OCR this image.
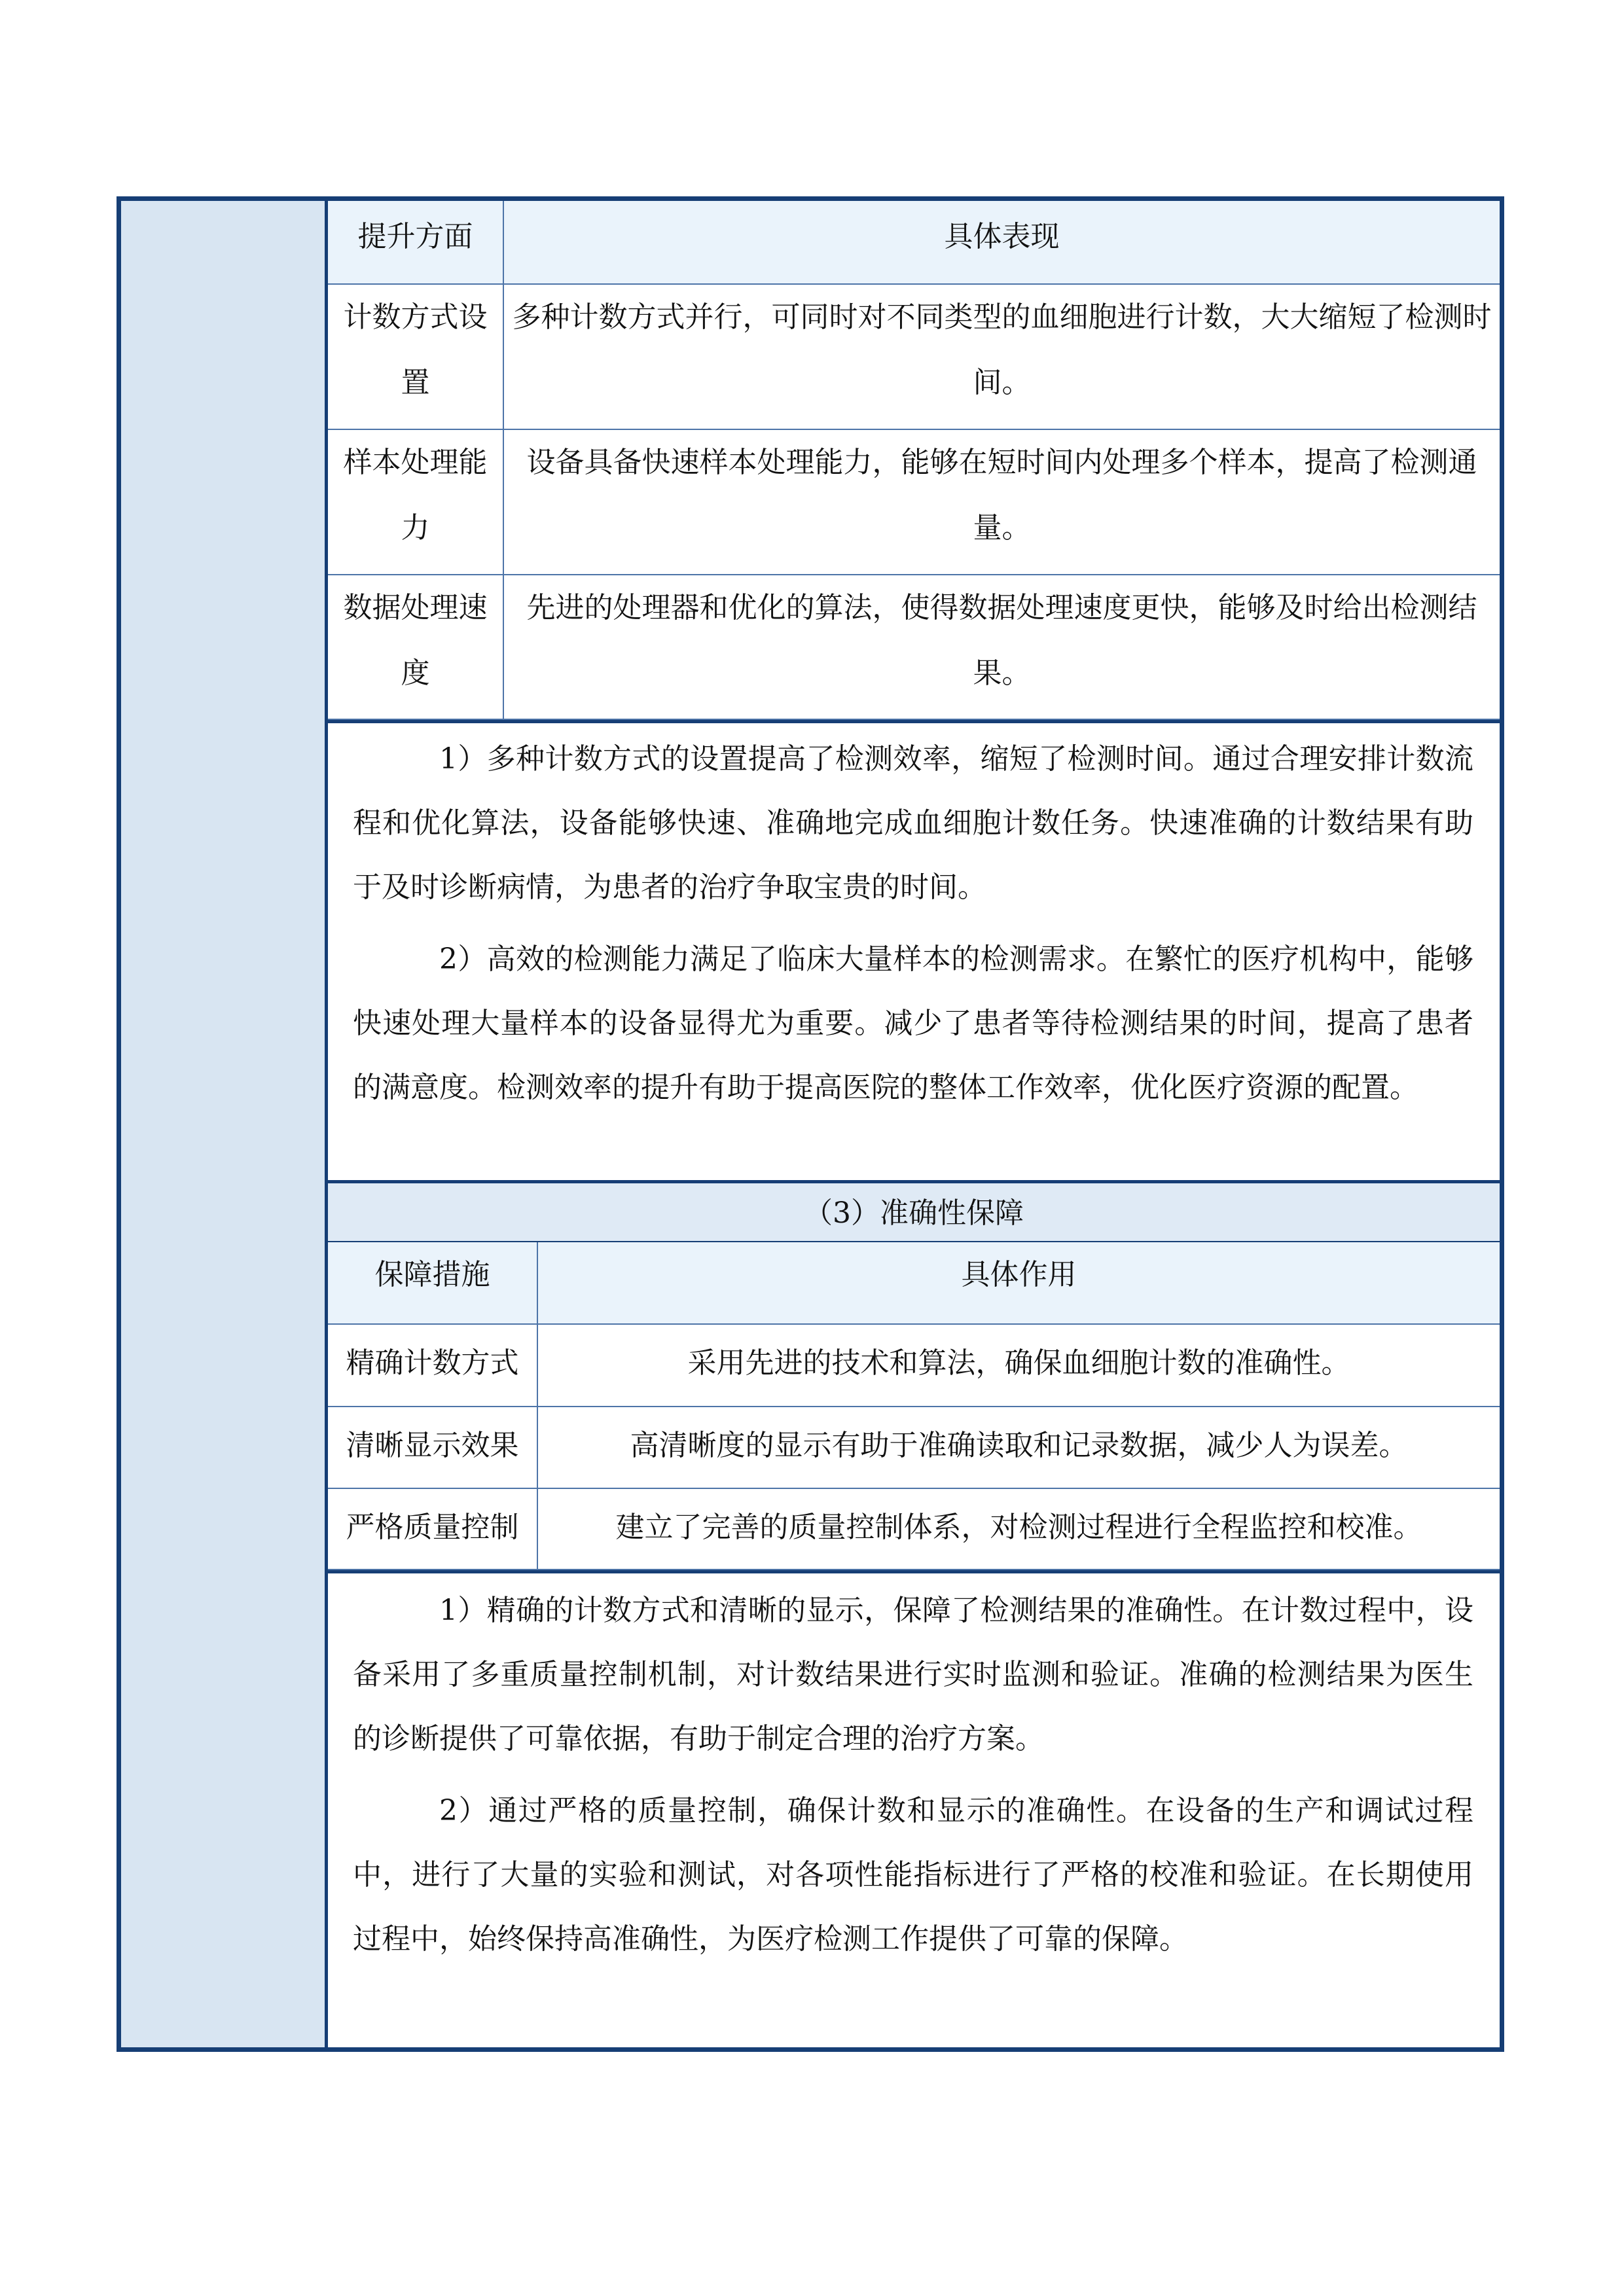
提升方面	具体表现
计数方式设置	多种计数方式并行，可同时对不同类型的血细胞进行计数，大大缩短了检测时间。
样本处理能力	设备具备快速样本处理能力，能够在短时间内处理多个样本，提高了检测通量。
数据处理速度	先进的处理器和优化的算法，使得数据处理速度更快，能够及时给出检测结果。

1）多种计数方式的设置提高了检测效率，缩短了检测时间。通过合理安排计数流程和优化算法，设备能够快速、准确地完成血细胞计数任务。快速准确的计数结果有助于及时诊断病情，为患者的治疗争取宝贵的时间。

2）高效的检测能力满足了临床大量样本的检测需求。在繁忙的医疗机构中，能够快速处理大量样本的设备显得尤为重要。减少了患者等待检测结果的时间，提高了患者的满意度。检测效率的提升有助于提高医院的整体工作效率，优化医疗资源的配置。

（3）准确性保障
保障措施	具体作用
精确计数方式	采用先进的技术和算法，确保血细胞计数的准确性。
清晰显示效果	高清晰度的显示有助于准确读取和记录数据，减少人为误差。
严格质量控制	建立了完善的质量控制体系，对检测过程进行全程监控和校准。

1）精确的计数方式和清晰的显示，保障了检测结果的准确性。在计数过程中，设备采用了多重质量控制机制，对计数结果进行实时监测和验证。准确的检测结果为医生的诊断提供了可靠依据，有助于制定合理的治疗方案。

2）通过严格的质量控制，确保计数和显示的准确性。在设备的生产和调试过程中，进行了大量的实验和测试，对各项性能指标进行了严格的校准和验证。在长期使用过程中，始终保持高准确性，为医疗检测工作提供了可靠的保障。
